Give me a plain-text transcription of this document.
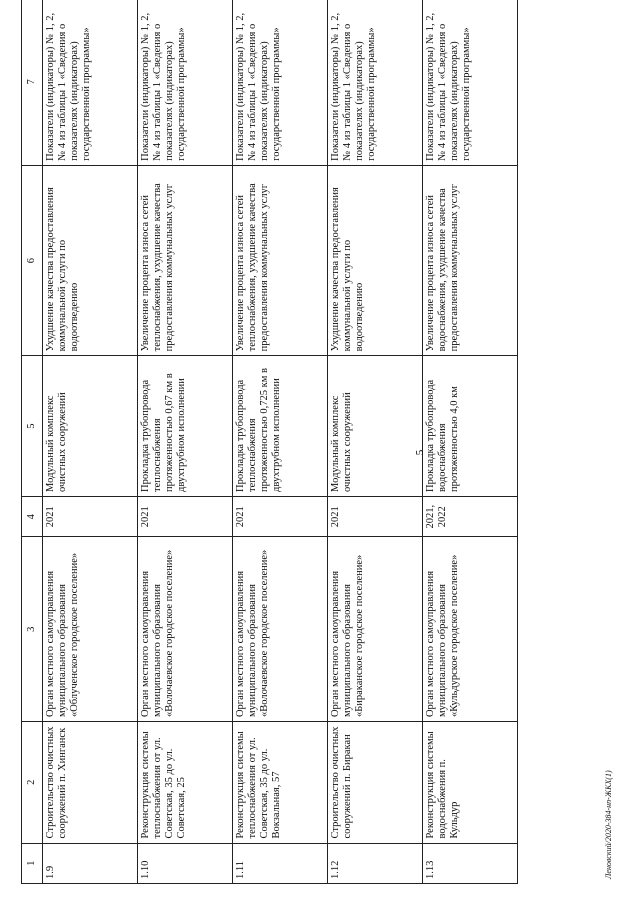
1	2	3	4	5	6	7
1.9	Строительство очистных сооружений п. Хинганск	Орган местного самоуправления муниципального образования «Облученское городское поселение»	2021	Модульный комплекс очистных сооружений	Ухудшение качества предоставления коммунальной услуги по водоотведению	Показатели (индикаторы) № 1, 2, № 4 из таблицы 1 «Сведения о показателях (индикаторах) государственной программы»
1.10	Реконструкция системы теплоснабжения от ул. Советская, 35 до ул. Советская, 25	Орган местного самоуправления муниципального образования «Волочаевское городское поселение»	2021	Прокладка трубопровода теплоснабжения протяженностью 0,67 км в двухтрубном исполнении	Увеличение процента износа сетей теплоснабжения, ухудшение качества предоставления коммунальных услуг	Показатели (индикаторы) № 1, 2, № 4 из таблицы 1 «Сведения о показателях (индикаторах) государственной программы»
1.11	Реконструкция системы теплоснабжения от ул. Советская, 35 до ул. Вокзальная, 57	Орган местного самоуправления муниципального образования «Волочаевское городское поселение»	2021	Прокладка трубопровода теплоснабжения протяженностью 0,725 км в двухтрубном исполнении	Увеличение процента износа сетей теплоснабжения, ухудшение качества предоставления коммунальных услуг	Показатели (индикаторы) № 1, 2, № 4 из таблицы 1 «Сведения о показателях (индикаторах) государственной программы»
1.12	Строительство очистных сооружений п. Биракан	Орган местного самоуправления муниципального образования «Бираканское городское поселение»	2021	Модульный комплекс очистных сооружений	Ухудшение качества предоставления коммунальной услуги по водоотведению	Показатели (индикаторы) № 1, 2, № 4 из таблицы 1 «Сведения о показателях (индикаторах) государственной программы»
1.13	Реконструкция системы водоснабжения п. Кульдур	Орган местного самоуправления муниципального образования «Кульдурское городское поселение»	2021, 2022	Прокладка трубопровода водоснабжения протяженностью 4,0 км	Увеличение процента износа сетей водоснабжения, ухудшение качества предоставления коммунальных услуг	Показатели (индикаторы) № 1, 2, № 4 из таблицы 1 «Сведения о показателях (индикаторах) государственной программы»
5
Леновский/2020-384-нп-ЖКХ(1)
